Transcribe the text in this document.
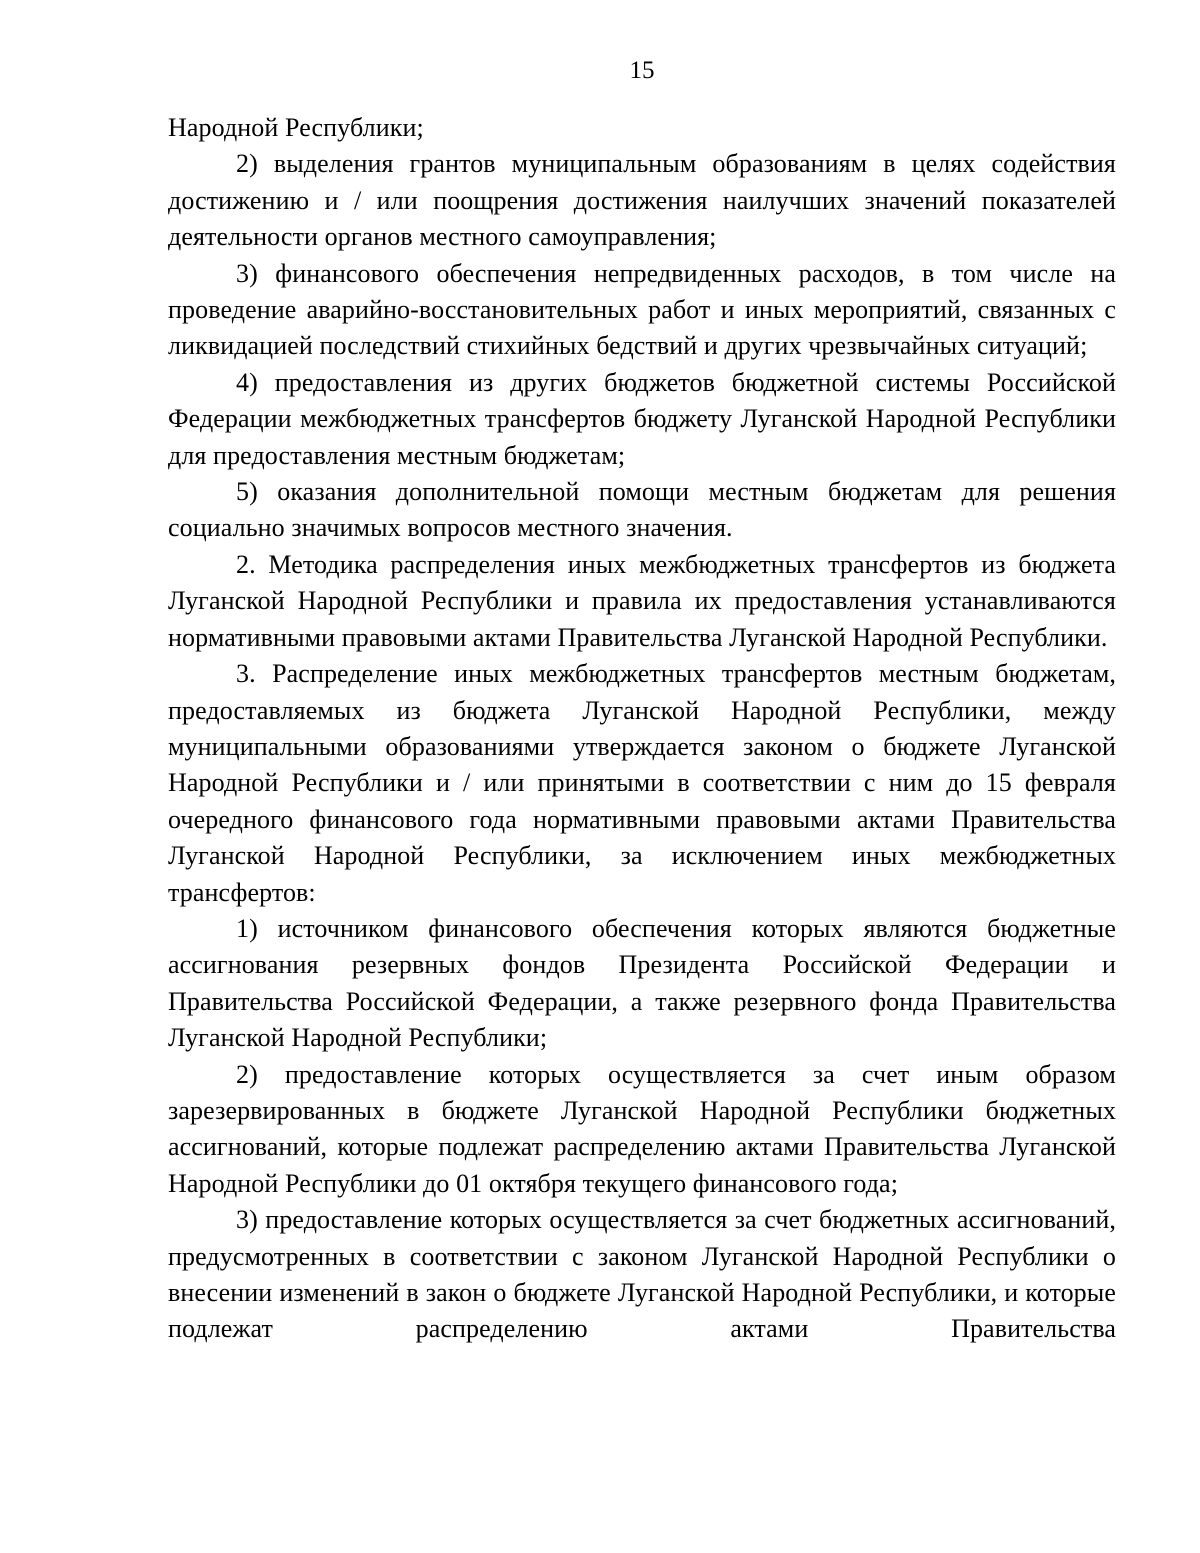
15

Народной Республики;

2) выделения грантов муниципальным образованиям в целях содействия достижению и / или поощрения достижения наилучших значений показателей деятельности органов местного самоуправления;

3) финансового обеспечения непредвиденных расходов, в том числе на проведение аварийно-восстановительных работ и иных мероприятий, связанных с ликвидацией последствий стихийных бедствий и других чрезвычайных ситуаций;

4) предоставления из других бюджетов бюджетной системы Российской Федерации межбюджетных трансфертов бюджету Луганской Народной Республики для предоставления местным бюджетам;

5) оказания дополнительной помощи местным бюджетам для решения социально значимых вопросов местного значения.

2. Методика распределения иных межбюджетных трансфертов из бюджета Луганской Народной Республики и правила их предоставления устанавливаются нормативными правовыми актами Правительства Луганской Народной Республики.

3. Распределение иных межбюджетных трансфертов местным бюджетам, предоставляемых из бюджета Луганской Народной Республики, между муниципальными образованиями утверждается законом о бюджете Луганской Народной Республики и / или принятыми в соответствии с ним до 15 февраля очередного финансового года нормативными правовыми актами Правительства Луганской Народной Республики, за исключением иных межбюджетных трансфертов:

1) источником финансового обеспечения которых являются бюджетные ассигнования резервных фондов Президента Российской Федерации и Правительства Российской Федерации, а также резервного фонда Правительства Луганской Народной Республики;

2) предоставление которых осуществляется за счет иным образом зарезервированных в бюджете Луганской Народной Республики бюджетных ассигнований, которые подлежат распределению актами Правительства Луганской Народной Республики до 01 октября текущего финансового года;

3) предоставление которых осуществляется за счет бюджетных ассигнований, предусмотренных в соответствии с законом Луганской Народной Республики о внесении изменений в закон о бюджете Луганской Народной Республики, и которые подлежат распределению актами Правительства
